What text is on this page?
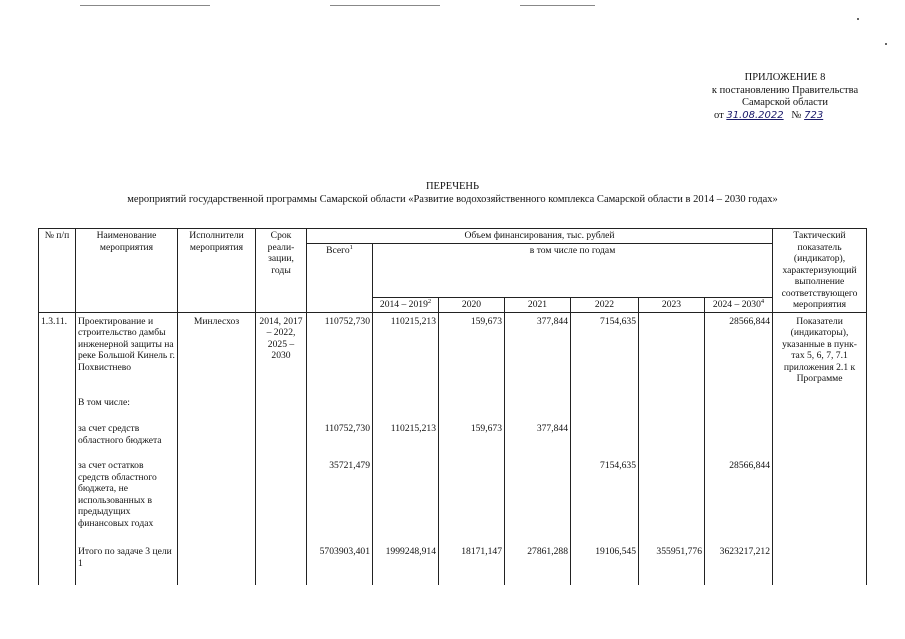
ПРИЛОЖЕНИЕ 8
к постановлению Правительства
Самарской области
от 31.08.2022 № 723
ПЕРЕЧЕНЬ
мероприятий государственной программы Самарской области «Развитие водохозяйственного комплекса Самарской области в 2014 – 2030 годах»
№ п/п	Наименование мероприятия	Исполнители мероприятия	Срок реали- зации, годы	Объем финансирования, тыс. рублей							Тактический показатель (индикатор), характеризующий выполнение соответствующего мероприятия
				Всего$^1$	в том числе по годам						
					2014 – 2019$^2$	2020	2021	2022	2023	2024 – 2030$^4$
1.3.11.	Проектирование и строительство дамбы инженерной защиты на реке Большой Кинель г. Похвистнево	Минлесхоз	2014, 2017 – 2022, 2025 – 2030	110752,730	110215,213	159,673	377,844	7154,635		28566,844	Показатели (индикаторы), указанные в пунк- тах 5, 6, 7, 7.1 приложения 2.1 к Программе
	В том числе:										
	за счет средств областного бюджета			110752,730	110215,213	159,673	377,844				
	за счет остатков средств областного бюджета, не использованных в предыдущих финансовых годах			35721,479				7154,635		28566,844	
	Итого по задаче 3 цели 1			5703903,401	1999248,914	18171,147	27861,288	19106,545	355951,776	3623217,212	
